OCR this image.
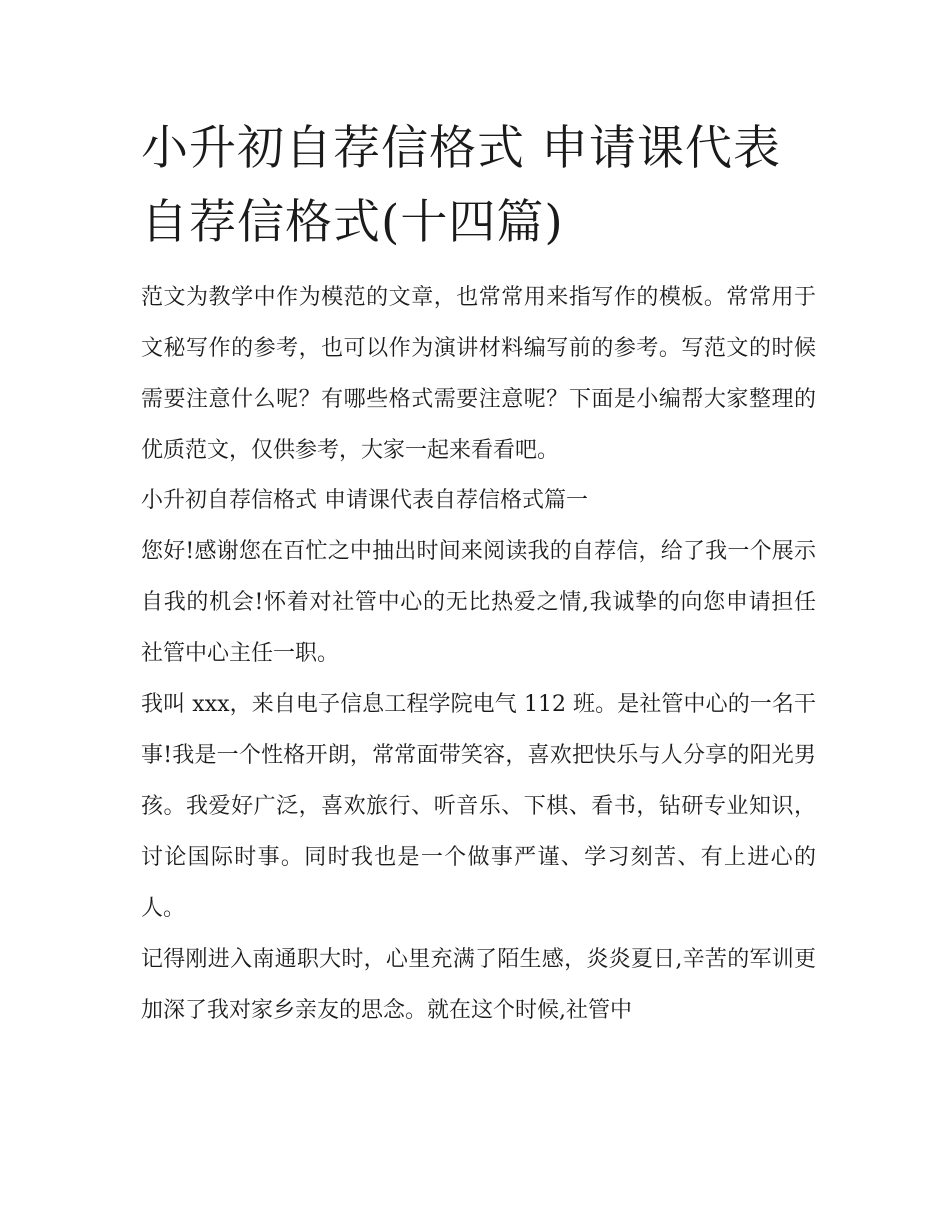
小升初自荐信格式 申请课代表自荐信格式(十四篇)

范文为教学中作为模范的文章，也常常用来指写作的模板。常常用于文秘写作的参考，也可以作为演讲材料编写前的参考。写范文的时候需要注意什么呢？有哪些格式需要注意呢？下面是小编帮大家整理的优质范文，仅供参考，大家一起来看看吧。

小升初自荐信格式 申请课代表自荐信格式篇一

您好!感谢您在百忙之中抽出时间来阅读我的自荐信，给了我一个展示自我的机会!怀着对社管中心的无比热爱之情,我诚挚的向您申请担任社管中心主任一职。

我叫 xxx，来自电子信息工程学院电气 112 班。是社管中心的一名干事!我是一个性格开朗，常常面带笑容，喜欢把快乐与人分享的阳光男孩。我爱好广泛，喜欢旅行、听音乐、下棋、看书，钻研专业知识，讨论国际时事。同时我也是一个做事严谨、学习刻苦、有上进心的人。

记得刚进入南通职大时，心里充满了陌生感，炎炎夏日,辛苦的军训更加深了我对家乡亲友的思念。就在这个时候,社管中
